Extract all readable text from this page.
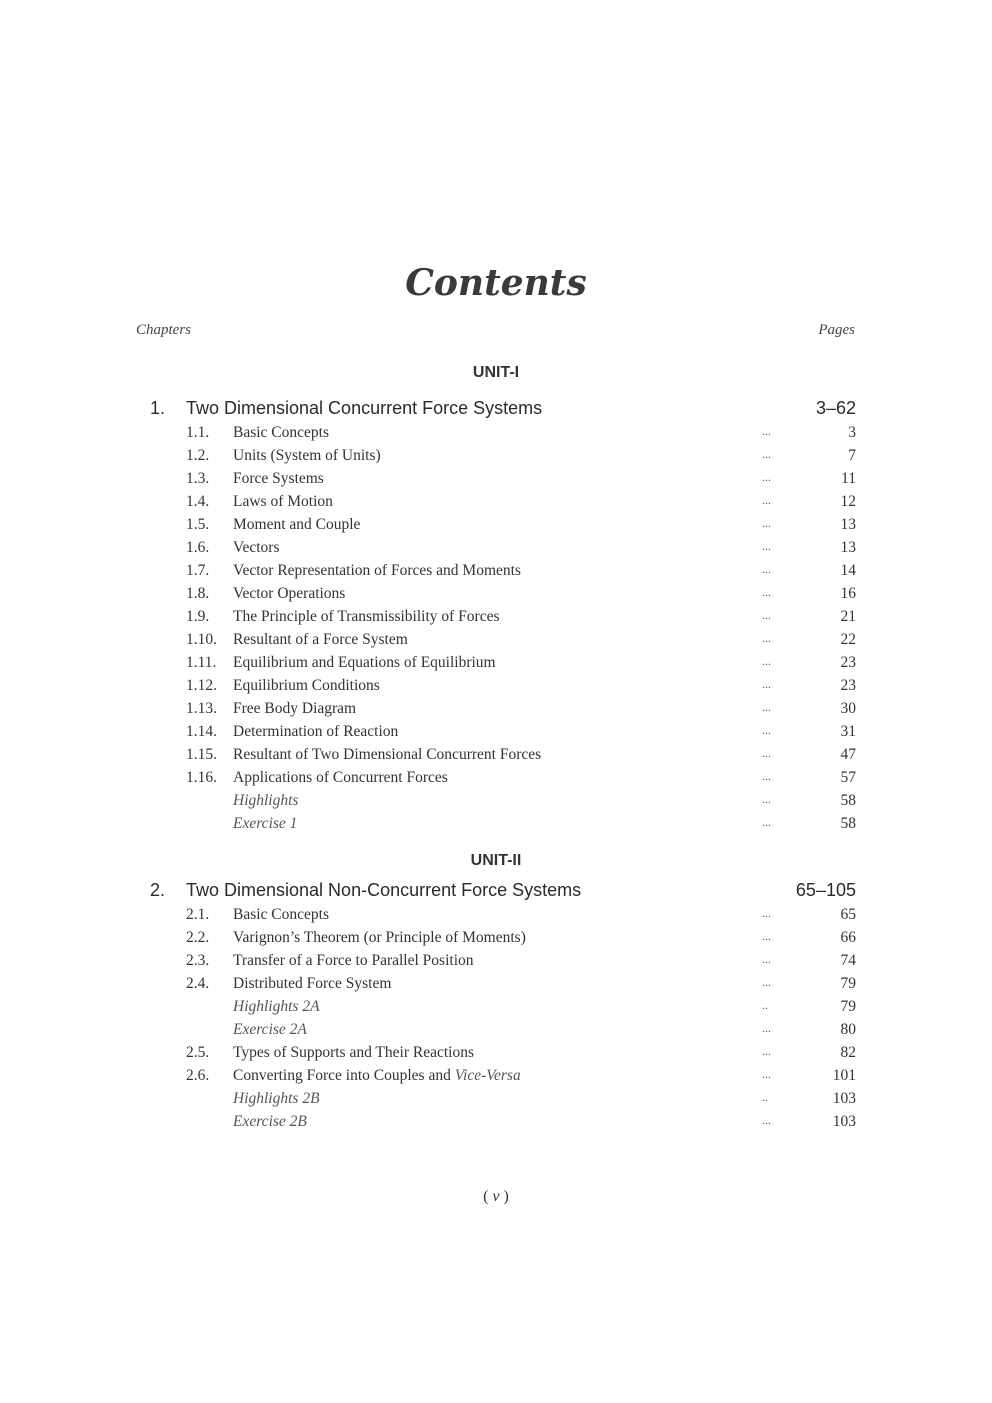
Contents
Chapters	Pages
UNIT-I
1. Two Dimensional Concurrent Force Systems	3–62
1.1. Basic Concepts	...	3
1.2. Units (System of Units)	...	7
1.3. Force Systems	...	11
1.4. Laws of Motion	...	12
1.5. Moment and Couple	...	13
1.6. Vectors	...	13
1.7. Vector Representation of Forces and Moments	...	14
1.8. Vector Operations	...	16
1.9. The Principle of Transmissibility of Forces	...	21
1.10. Resultant of a Force System	...	22
1.11. Equilibrium and Equations of Equilibrium	...	23
1.12. Equilibrium Conditions	...	23
1.13. Free Body Diagram	...	30
1.14. Determination of Reaction	...	31
1.15. Resultant of Two Dimensional Concurrent Forces	...	47
1.16. Applications of Concurrent Forces	...	57
Highlights	...	58
Exercise 1	...	58
UNIT-II
2. Two Dimensional Non-Concurrent Force Systems	65–105
2.1. Basic Concepts	...	65
2.2. Varignon’s Theorem (or Principle of Moments)	...	66
2.3. Transfer of a Force to Parallel Position	...	74
2.4. Distributed Force System	...	79
Highlights 2A	..	79
Exercise 2A	...	80
2.5. Types of Supports and Their Reactions	...	82
2.6. Converting Force into Couples and Vice-Versa	...	101
Highlights 2B	..	103
Exercise 2B	...	103
( v )
